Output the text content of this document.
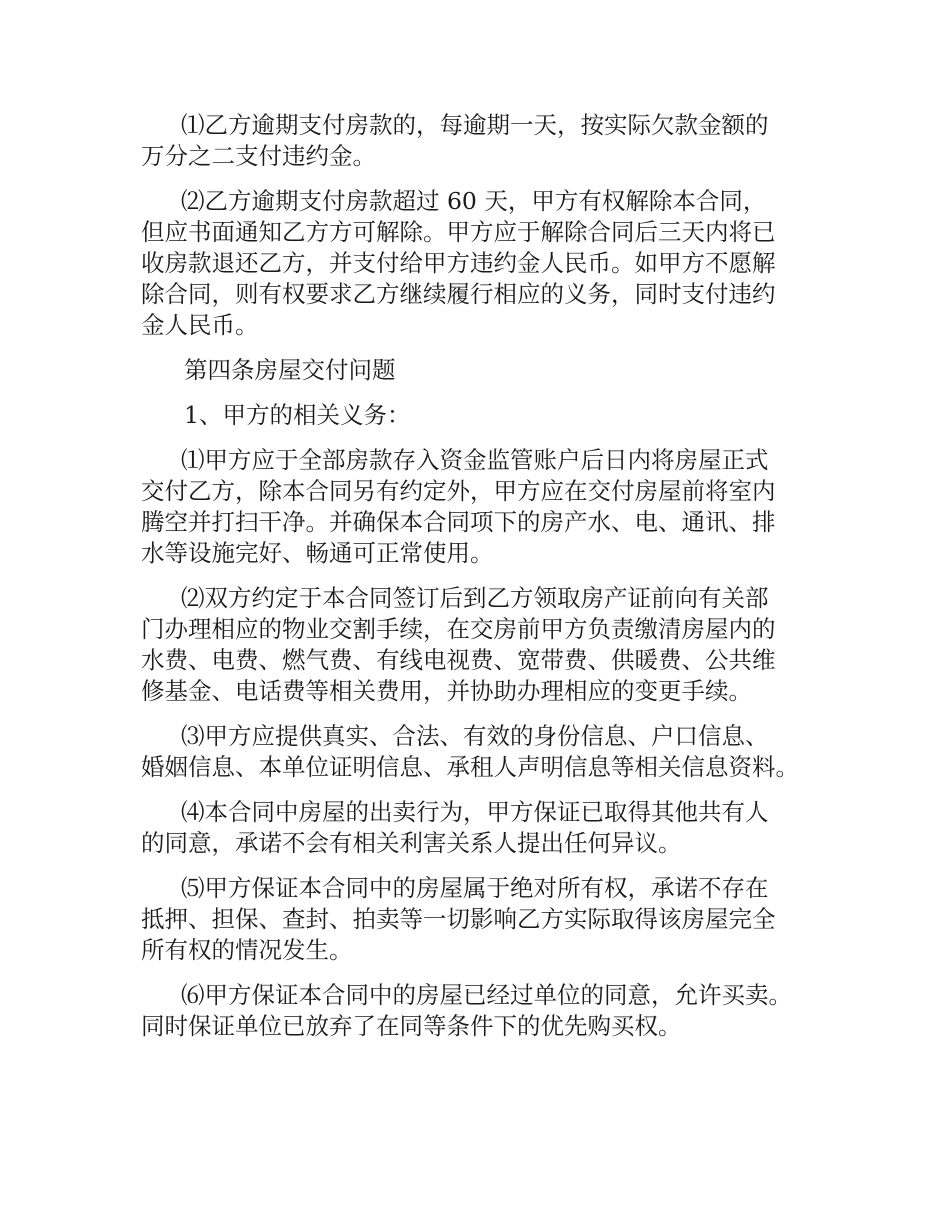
⑴乙方逾期支付房款的，每逾期一天，按实际欠款金额的
万分之二支付违约金。
⑵乙方逾期支付房款超过 60 天，甲方有权解除本合同，
但应书面通知乙方方可解除。甲方应于解除合同后三天内将已
收房款退还乙方，并支付给甲方违约金人民币。如甲方不愿解
除合同，则有权要求乙方继续履行相应的义务，同时支付违约
金人民币。
第四条房屋交付问题
1、甲方的相关义务：
⑴甲方应于全部房款存入资金监管账户后日内将房屋正式
交付乙方，除本合同另有约定外，甲方应在交付房屋前将室内
腾空并打扫干净。并确保本合同项下的房产水、电、通讯、排
水等设施完好、畅通可正常使用。
⑵双方约定于本合同签订后到乙方领取房产证前向有关部
门办理相应的物业交割手续，在交房前甲方负责缴清房屋内的
水费、电费、燃气费、有线电视费、宽带费、供暖费、公共维
修基金、电话费等相关费用，并协助办理相应的变更手续。
⑶甲方应提供真实、合法、有效的身份信息、户口信息、
婚姻信息、本单位证明信息、承租人声明信息等相关信息资料。
⑷本合同中房屋的出卖行为，甲方保证已取得其他共有人
的同意，承诺不会有相关利害关系人提出任何异议。
⑸甲方保证本合同中的房屋属于绝对所有权，承诺不存在
抵押、担保、查封、拍卖等一切影响乙方实际取得该房屋完全
所有权的情况发生。
⑹甲方保证本合同中的房屋已经过单位的同意，允许买卖。
同时保证单位已放弃了在同等条件下的优先购买权。
